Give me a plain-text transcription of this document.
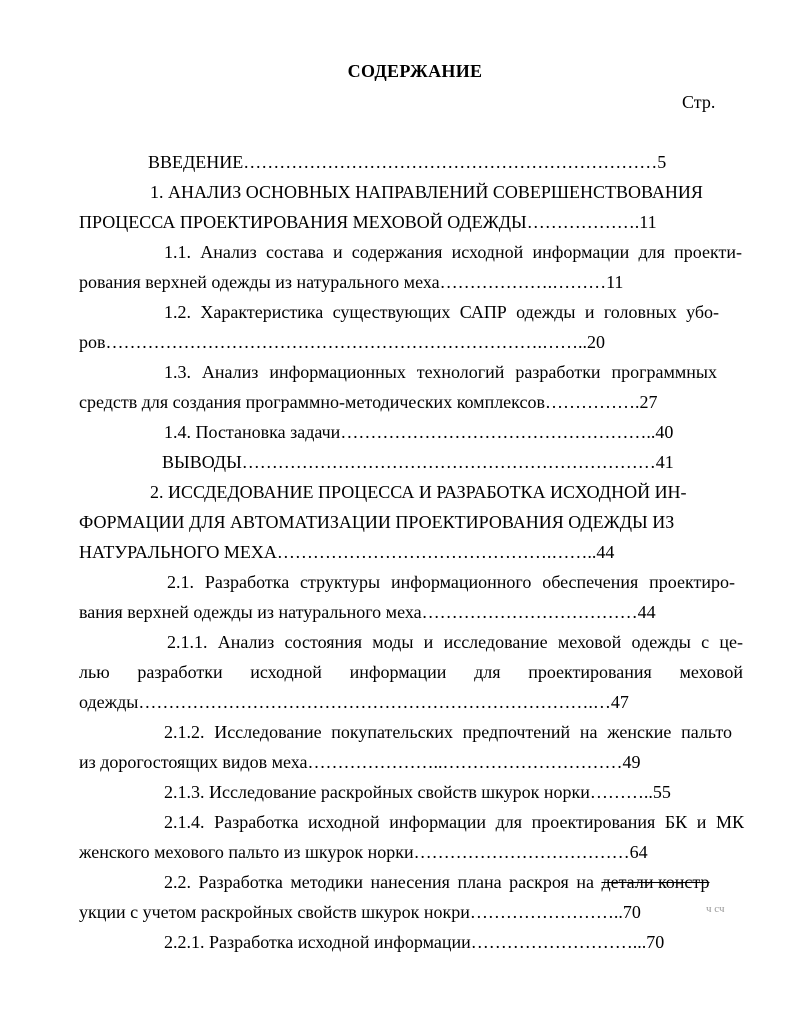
СОДЕРЖАНИЕ
Стр.
ВВЕДЕНИЕ……………………………………………………………5
1. АНАЛИЗ ОСНОВНЫХ НАПРАВЛЕНИЙ СОВЕРШЕНСТВОВАНИЯ
ПРОЦЕССА ПРОЕКТИРОВАНИЯ МЕХОВОЙ ОДЕЖДЫ……………….11
1.1. Анализ состава и содержания исходной информации для проекти-
рования верхней одежды из натурального меха……………….………11
1.2. Характеристика существующих САПР одежды и головных убо-
ров……………………………………………………………….……..20
1.3. Анализ информационных технологий разработки программных
средств для создания программно-методических комплексов…………….27
1.4. Постановка задачи……………………………………………..40
ВЫВОДЫ……………………………………………………………41
2. ИССДЕДОВАНИЕ ПРОЦЕССА И РАЗРАБОТКА ИСХОДНОЙ ИН-
ФОРМАЦИИ ДЛЯ АВТОМАТИЗАЦИИ ПРОЕКТИРОВАНИЯ ОДЕЖДЫ ИЗ
НАТУРАЛЬНОГО МЕХА……………………………………….……..44
2.1. Разработка структуры информационного обеспечения проектиро-
вания верхней одежды из натурального меха………………………………44
2.1.1. Анализ состояния моды и исследование меховой одежды с це-
лью разработки исходной информации для проектирования меховой
одежды………………………………………………………………….…47
2.1.2. Исследование покупательских предпочтений на женские пальто
из дорогостоящих видов меха…………………..…………………………49
2.1.3. Исследование раскройных свойств шкурок норки………..55
2.1.4. Разработка исходной информации для проектирования БК и МК
женского мехового пальто из шкурок норки………………………………64
2.2. Разработка методики нанесения плана раскроя на детали констр
укции с учетом раскройных свойств шкурок нокри……………………..70	ч сч
2.2.1. Разработка исходной информации………………………...70
